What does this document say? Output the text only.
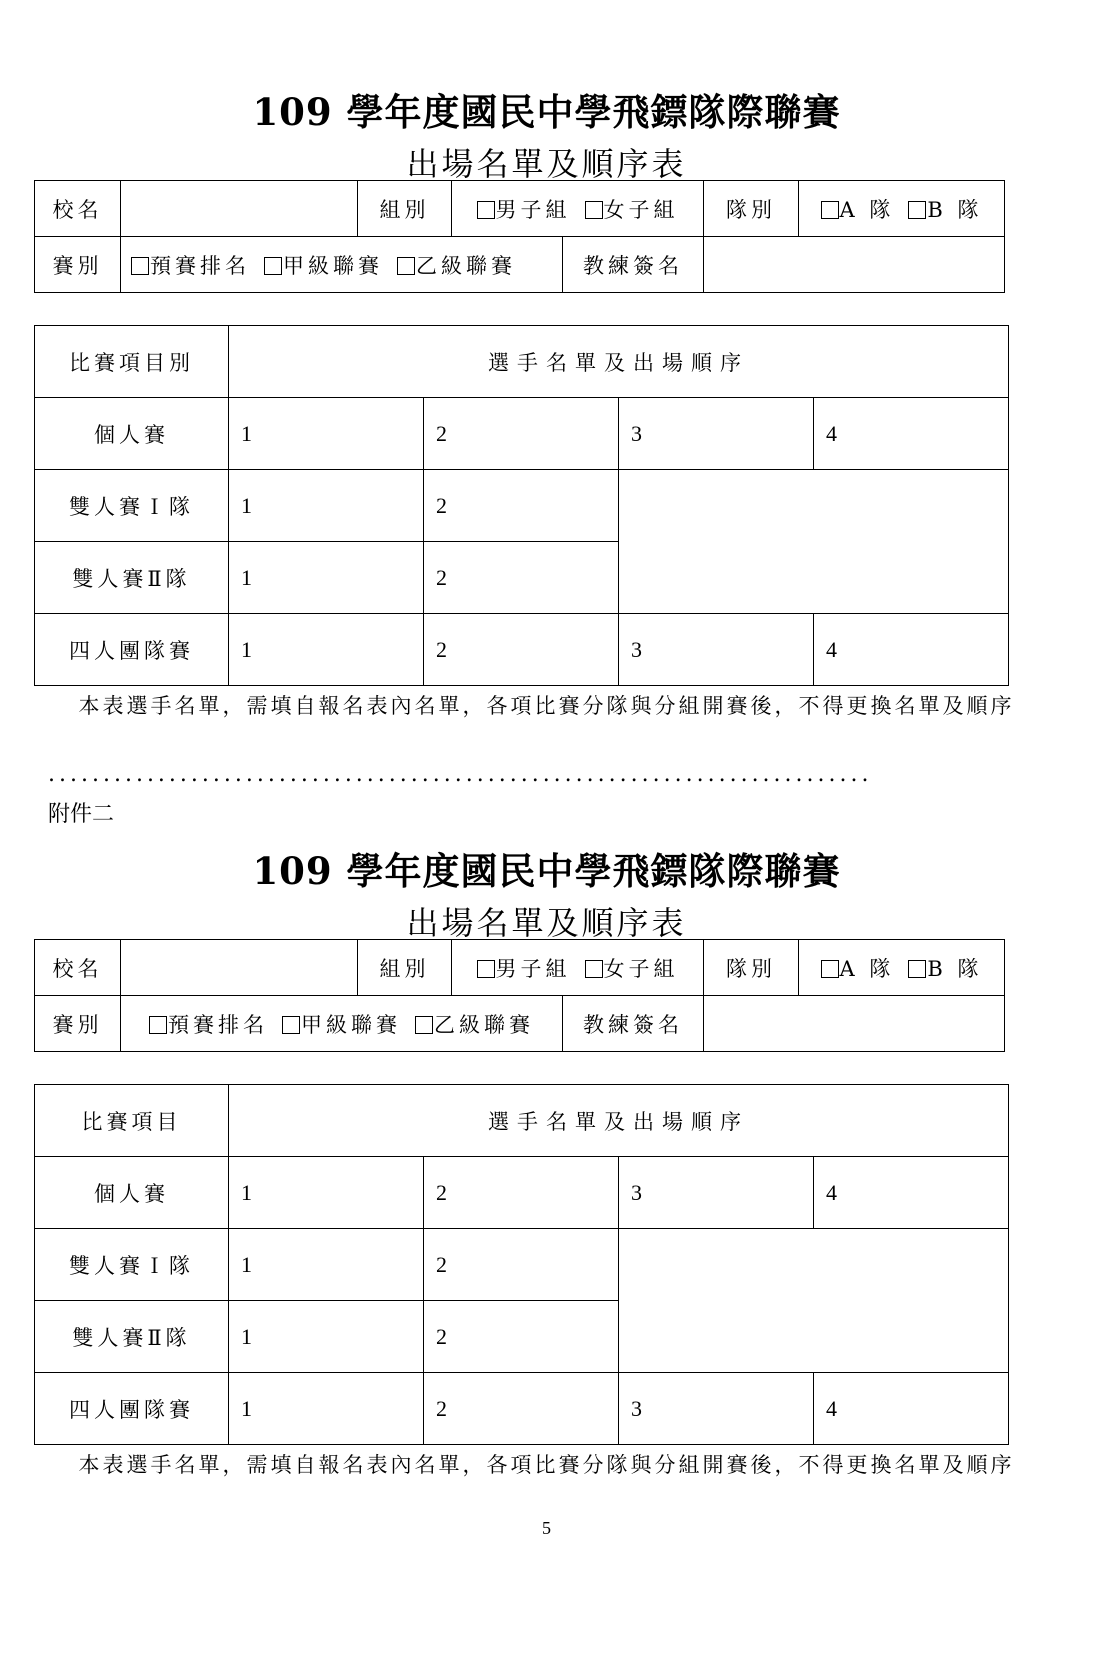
109 學年度國民中學飛鏢隊際聯賽
出場名單及順序表
校名		組別	男子組 女子組		隊別	A 隊 B 隊
賽別	預賽排名 甲級聯賽 乙級聯賽			教練簽名		
比賽項目別	選手名單及出場順序			
個人賽	1	2	3	4
雙人賽Ｉ隊	1	2		
雙人賽Ⅱ隊	1	2		
四人團隊賽	1	2	3	4
本表選手名單，需填自報名表內名單，各項比賽分隊與分組開賽後，不得更換名單及順序
...........................................................................
附件二
109 學年度國民中學飛鏢隊際聯賽
出場名單及順序表
校名		組別	男子組 女子組		隊別	A 隊 B 隊
賽別	預賽排名 甲級聯賽 乙級聯賽			教練簽名		
比賽項目	選手名單及出場順序			
個人賽	1	2	3	4
雙人賽Ｉ隊	1	2		
雙人賽Ⅱ隊	1	2		
四人團隊賽	1	2	3	4
本表選手名單，需填自報名表內名單，各項比賽分隊與分組開賽後，不得更換名單及順序
5
